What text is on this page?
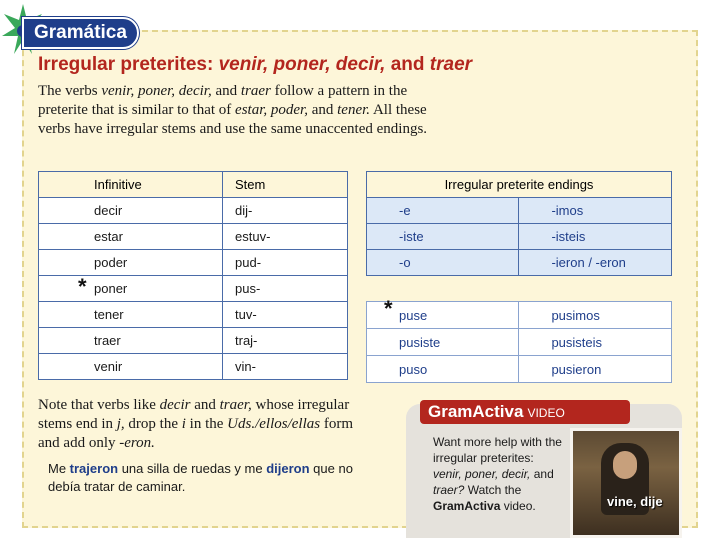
Gramática
Irregular preterites: venir, poner, decir, and traer
The verbs venir, poner, decir, and traer follow a pattern in the preterite that is similar to that of estar, poder, and tener. All these verbs have irregular stems and use the same unaccented endings.
Infinitive	Stem
decir	dij-
estar	estuv-
poder	pud-
poner	pus-
tener	tuv-
traer	traj-
venir	vin-
Irregular preterite endings	
-e	-imos
-iste	-isteis
-o	-ieron / -eron
puse	pusimos
pusiste	pusisteis
puso	pusieron
*
*
Note that verbs like decir and traer, whose irregular stems end in j, drop the i in the Uds./ellos/ellas form and add only -eron.
Me trajeron una silla de ruedas y me dijeron que no debía tratar de caminar.
GramActiva VIDEO
Want more help with the irregular preterites: venir, poner, decir, and traer? Watch the GramActiva video.	vine, dije
